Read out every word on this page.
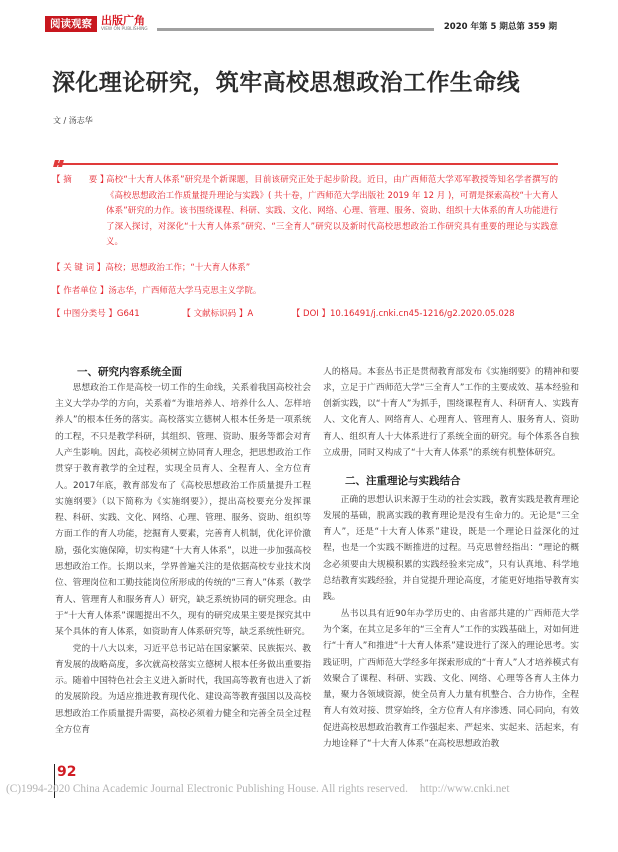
阅读观察 出版广角
VIEW ON PUBLISHING	2020 年第 5 期总第 359 期
深化理论研究，筑牢高校思想政治工作生命线
文 / 汤志华
【 摘　　要 】
高校“十大育人体系”研究是个新课题，目前该研究正处于起步阶段。近日，由广西师范大学邓军教授等知名学者撰写的《高校思想政治工作质量提升理论与实践》( 共十卷，广西师范大学出版社 2019 年 12 月 )，可谓是探索高校“十大育人体系”研究的力作。该书围绕课程、科研、实践、文化、网络、心理、管理、服务、资助、组织十大体系的育人功能进行了深入探讨，对深化“十大育人体系”研究、“三全育人”研究以及新时代高校思想政治工作研究具有重要的理论与实践意义。
【 关 键 词 】高校；思想政治工作；“十大育人体系”
【 作者单位 】汤志华，广西师范大学马克思主义学院。
【 中图分类号 】G641	【 文献标识码 】A	【 DOI 】10.16491/j.cnki.cn45-1216/g2.2020.05.028
一、研究内容系统全面

思想政治工作是高校一切工作的生命线，关系着我国高校社会主义大学办学的方向，关系着“为谁培养人、培养什么人、怎样培养人”的根本任务的落实。高校落实立德树人根本任务是一项系统的工程，不只是教学科研，其组织、管理、资助、服务等都会对育人产生影响。因此，高校必须树立协同育人理念，把思想政治工作贯穿于教育教学的全过程，实现全员育人、全程育人、全方位育人。2017年底，教育部发布了《高校思想政治工作质量提升工程实施纲要》（以下简称为《实施纲要》），提出高校要充分发挥课程、科研、实践、文化、网络、心理、管理、服务、资助、组织等方面工作的育人功能，挖掘育人要素，完善育人机制，优化评价激励，强化实施保障，切实构建“十大育人体系”，以进一步加强高校思想政治工作。长期以来，学界普遍关注的是依据高校专业技术岗位、管理岗位和工勤技能岗位所形成的传统的“三育人”体系（教学育人、管理育人和服务育人）研究，缺乏系统协同的研究理念。由于“十大育人体系”课题提出不久，现有的研究成果主要是探究其中某个具体的育人体系，如资助育人体系研究等，缺乏系统性研究。

党的十八大以来，习近平总书记站在国家繁荣、民族振兴、教育发展的战略高度，多次就高校落实立德树人根本任务做出重要指示。随着中国特色社会主义进入新时代，我国高等教育也进入了新的发展阶段。为适应推进教育现代化、建设高等教育强国以及高校思想政治工作质量提升需要，高校必须着力健全和完善全员全过程全方位育

人的格局。本套丛书正是贯彻教育部发布《实施纲要》的精神和要求，立足于广西师范大学“三全育人”工作的主要成效、基本经验和创新实践，以“十育人”为抓手，围绕课程育人、科研育人、实践育人、文化育人、网络育人、心理育人、管理育人、服务育人、资助育人、组织育人十大体系进行了系统全面的研究。每个体系各自独立成册，同时又构成了“十大育人体系”的系统有机整体研究。

二、注重理论与实践结合

正确的思想认识来源于生动的社会实践，教育实践是教育理论发展的基础，脱离实践的教育理论是没有生命力的。无论是“三全育人”，还是“十大育人体系”建设，既是一个理论日益深化的过程，也是一个实践不断推进的过程。马克思曾经指出：“理论的概念必须要由大规模积累的实践经验来完成”，只有认真地、科学地总结教育实践经验，并自觉提升理论高度，才能更好地指导教育实践。

丛书以具有近90年办学历史的、由省部共建的广西师范大学为个案，在其立足多年的“三全育人”工作的实践基础上，对如何进行“十育人”和推进“十大育人体系”建设进行了深入的理论思考。实践证明，广西师范大学经多年探索形成的“十育人”人才培养模式有效聚合了课程、科研、实践、文化、网络、心理等各育人主体力量，聚力各领域资源，使全员育人力量有机整合、合力协作，全程育人有效对接、贯穿始终，全方位育人有序渗透、同心同向，有效促进高校思想政治教育工作强起来、严起来、实起来、活起来，有力地诠释了“十大育人体系”在高校思想政治教

92
(C)1994-2020 China Academic Journal Electronic Publishing House. All rights reserved. http://www.cnki.net
